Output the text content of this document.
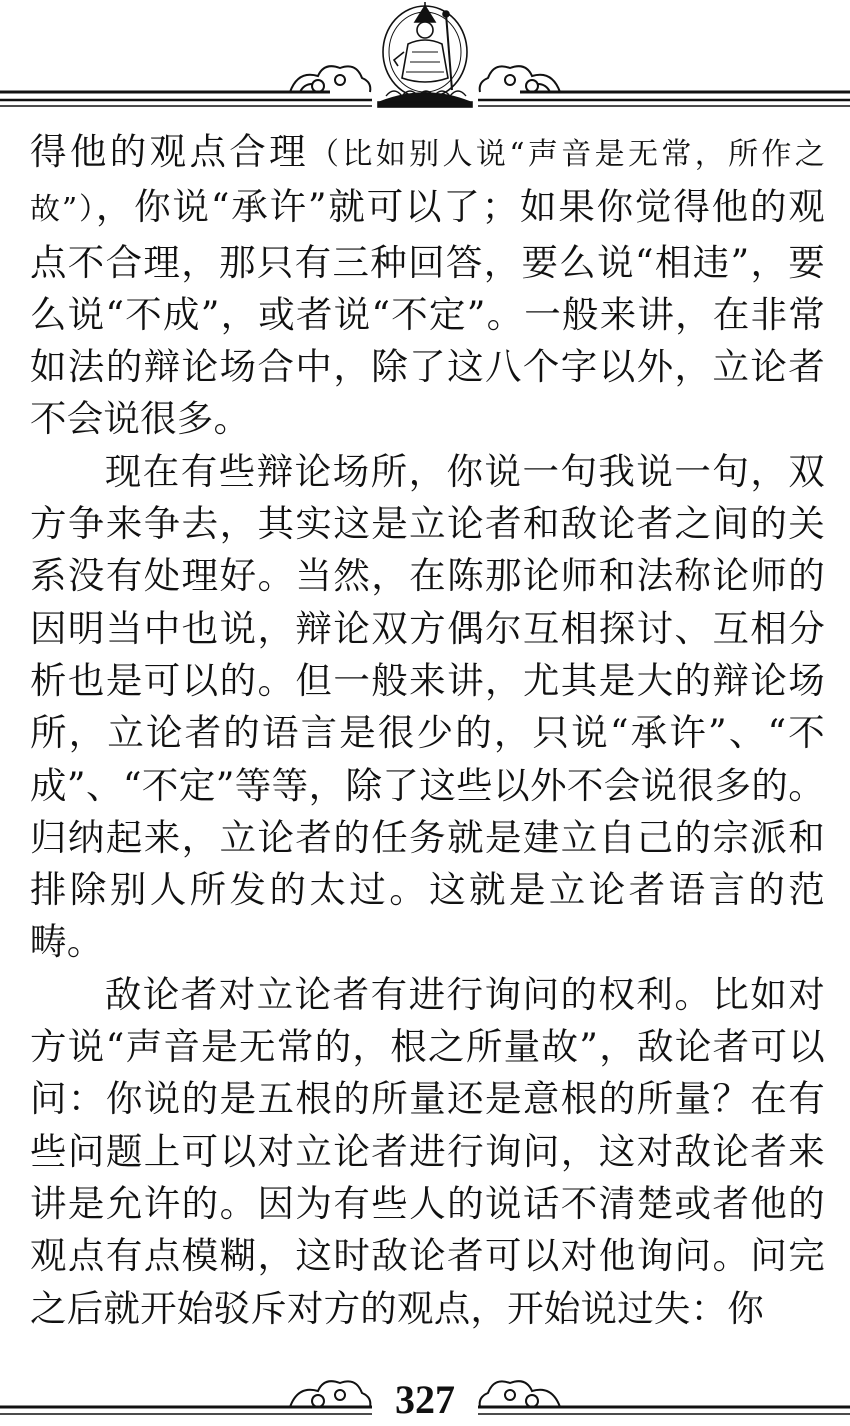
得他的观点合理（比如别人说“声音是无常，所作之故”），你说“承许”就可以了；如果你觉得他的观点不合理，那只有三种回答，要么说“相违”，要么说“不成”，或者说“不定”。一般来讲，在非常如法的辩论场合中，除了这八个字以外，立论者不会说很多。

现在有些辩论场所，你说一句我说一句，双方争来争去，其实这是立论者和敌论者之间的关系没有处理好。当然，在陈那论师和法称论师的因明当中也说，辩论双方偶尔互相探讨、互相分析也是可以的。但一般来讲，尤其是大的辩论场所，立论者的语言是很少的，只说“承许”、“不成”、“不定”等等，除了这些以外不会说很多的。归纳起来，立论者的任务就是建立自己的宗派和排除别人所发的太过。这就是立论者语言的范畴。

敌论者对立论者有进行询问的权利。比如对方说“声音是无常的，根之所量故”，敌论者可以问：你说的是五根的所量还是意根的所量？在有些问题上可以对立论者进行询问，这对敌论者来讲是允许的。因为有些人的说话不清楚或者他的观点有点模糊，这时敌论者可以对他询问。问完之后就开始驳斥对方的观点，开始说过失：你

327
